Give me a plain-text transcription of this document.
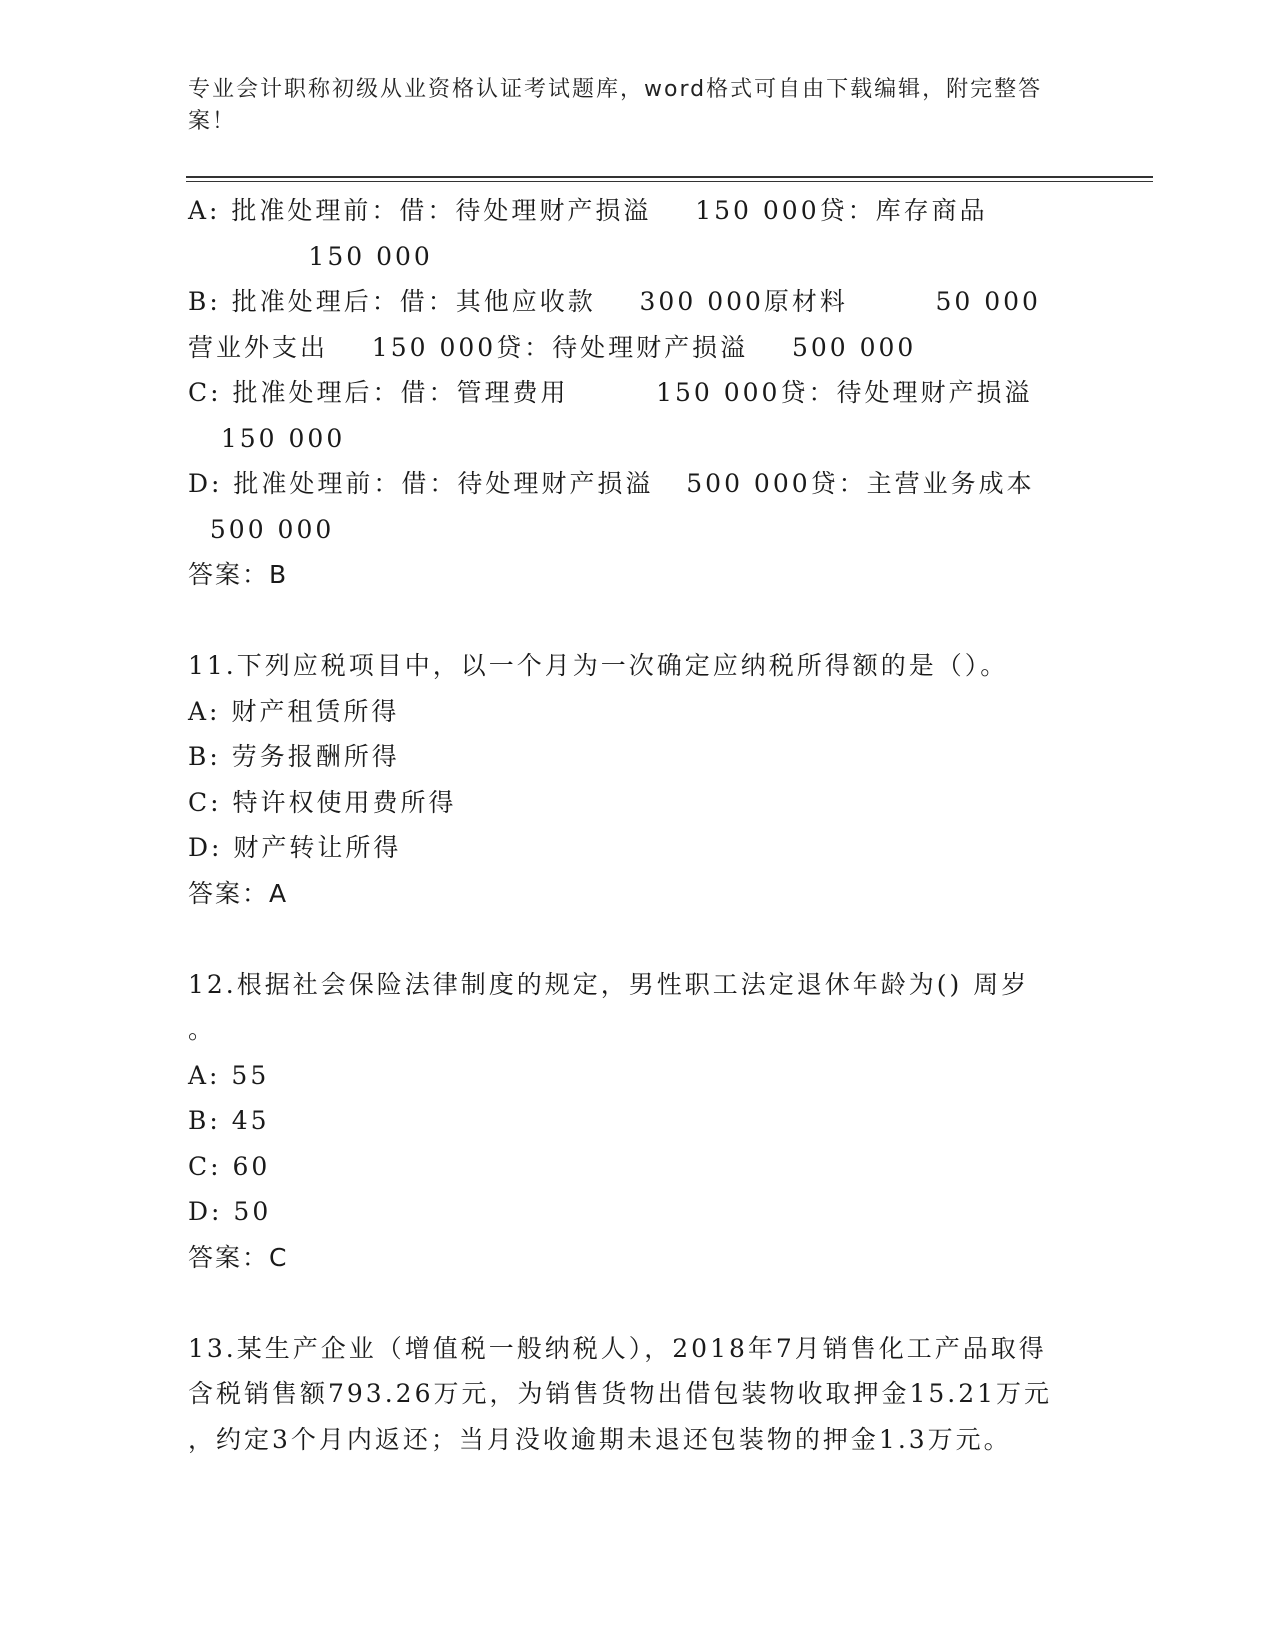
专业会计职称初级从业资格认证考试题库，word格式可自由下载编辑，附完整答
案！
A: 批准处理前：借：待处理财产损溢    150 000贷：库存商品
150 000
B: 批准处理后：借：其他应收款    300 000原材料        50 000
营业外支出    150 000贷：待处理财产损溢    500 000
C: 批准处理后：借：管理费用        150 000贷：待处理财产损溢
150 000
D: 批准处理前：借：待处理财产损溢   500 000贷：主营业务成本
500 000
答案：B
11.下列应税项目中，以一个月为一次确定应纳税所得额的是（）。
A: 财产租赁所得
B: 劳务报酬所得
C: 特许权使用费所得
D: 财产转让所得
答案：A
12.根据社会保险法律制度的规定，男性职工法定退休年龄为() 周岁
。
A: 55
B: 45
C: 60
D: 50
答案：C
13.某生产企业（增值税一般纳税人），2018年7月销售化工产品取得
含税销售额793.26万元，为销售货物出借包装物收取押金15.21万元
，约定3个月内返还；当月没收逾期未退还包装物的押金1.3万元。
